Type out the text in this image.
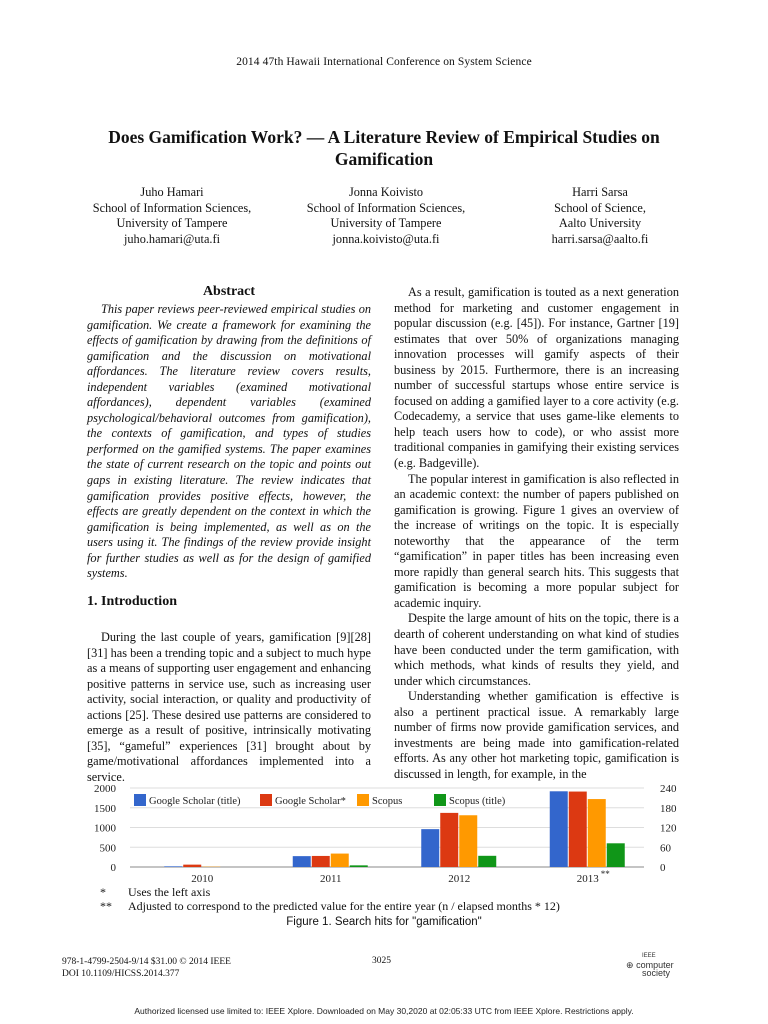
2014 47th Hawaii International Conference on System Science
Does Gamification Work? — A Literature Review of Empirical Studies on
Gamification
Juho Hamari
School of Information Sciences,
University of Tampere
juho.hamari@uta.fi
Jonna Koivisto
School of Information Sciences,
University of Tampere
jonna.koivisto@uta.fi
Harri Sarsa
School of Science,
Aalto University
harri.sarsa@aalto.fi
Abstract

This paper reviews peer-reviewed empirical studies on gamification. We create a framework for examining the effects of gamification by drawing from the definitions of gamification and the discussion on motivational affordances. The literature review covers results, independent variables (examined motivational affordances), dependent variables (examined psychological/behavioral outcomes from gamification), the contexts of gamification, and types of studies performed on the gamified systems. The paper examines the state of current research on the topic and points out gaps in existing literature. The review indicates that gamification provides positive effects, however, the effects are greatly dependent on the context in which the gamification is being implemented, as well as on the users using it. The findings of the review provide insight for further studies as well as for the design of gamified systems.

1. Introduction

During the last couple of years, gamification [9][28][31] has been a trending topic and a subject to much hype as a means of supporting user engagement and enhancing positive patterns in service use, such as increasing user activity, social interaction, or quality and productivity of actions [25]. These desired use patterns are considered to emerge as a result of positive, intrinsically motivating [35], “gameful” experiences [31] brought about by game/motivational affordances implemented into a service.

As a result, gamification is touted as a next generation method for marketing and customer engagement in popular discussion (e.g. [45]). For instance, Gartner [19] estimates that over 50% of organizations managing innovation processes will gamify aspects of their business by 2015. Furthermore, there is an increasing number of successful startups whose entire service is focused on adding a gamified layer to a core activity (e.g. Codecademy, a service that uses game-like elements to help teach users how to code), or who assist more traditional companies in gamifying their existing services (e.g. Badgeville).

The popular interest in gamification is also reflected in an academic context: the number of papers published on gamification is growing. Figure 1 gives an overview of the increase of writings on the topic. It is especially noteworthy that the appearance of the term “gamification” in paper titles has been increasing even more rapidly than general search hits. This suggests that gamification is becoming a more popular subject for academic inquiry.

Despite the large amount of hits on the topic, there is a dearth of coherent understanding on what kind of studies have been conducted under the term gamification, with which methods, what kinds of results they yield, and under which circumstances.

Understanding whether gamification is effective is also a pertinent practical issue. A remarkably large number of firms now provide gamification services, and investments are being made into gamification-related efforts. As any other hot marketing topic, gamification is discussed in length, for example, in the

0
500
1000
1500
2000
0
60
120
180
240
2010	2011	2012	2013 **
Google Scholar (title)	Google Scholar* Scopus	Scopus (title)
* Uses the left axis
** Adjusted to correspond to the predicted value for the entire year (n / elapsed months * 12)
Figure 1. Search hits for "gamification"
978-1-4799-2504-9/14 $31.00 © 2014 IEEE
DOI 10.1109/HICSS.2014.377
3025	IEEE
⊕ computer
society
Authorized licensed use limited to: IEEE Xplore. Downloaded on May 30,2020 at 02:05:33 UTC from IEEE Xplore. Restrictions apply.
